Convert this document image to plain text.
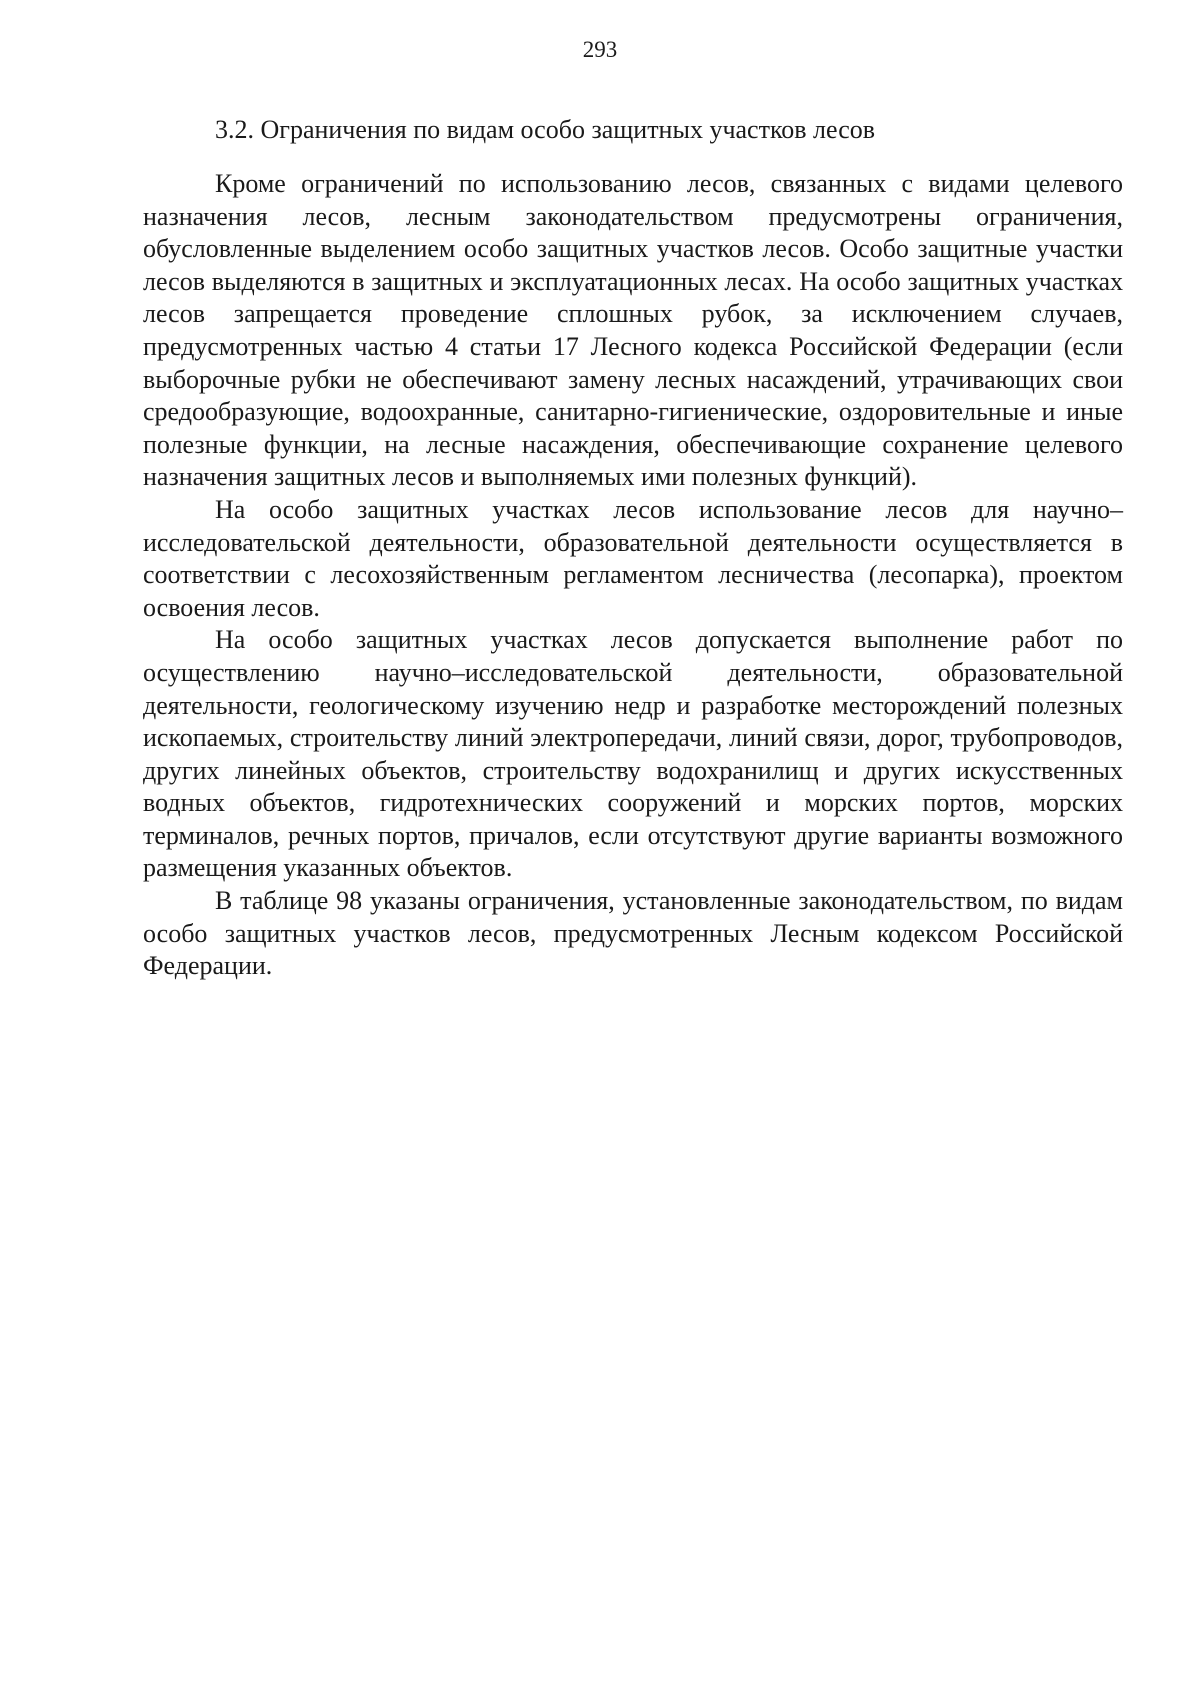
293
3.2. Ограничения по видам особо защитных участков лесов

Кроме ограничений по использованию лесов, связанных с видами целевого назначения лесов, лесным законодательством предусмотрены ограничения, обусловленные выделением особо защитных участков лесов. Особо защитные участки лесов выделяются в защитных и эксплуатационных лесах. На особо защитных участках лесов запрещается проведение сплошных рубок, за исключением случаев, предусмотренных частью 4 статьи 17 Лесного кодекса Российской Федерации (если выборочные рубки не обеспечивают замену лесных насаждений, утрачивающих свои средообразующие, водоохранные, санитарно-гигиенические, оздоровительные и иные полезные функции, на лесные насаждения, обеспечивающие сохранение целевого назначения защитных лесов и выполняемых ими полезных функций).

На особо защитных участках лесов использование лесов для научно–исследовательской деятельности, образовательной деятельности осуществляется в соответствии с лесохозяйственным регламентом лесничества (лесопарка), проектом освоения лесов.

На особо защитных участках лесов допускается выполнение работ по осуществлению научно–исследовательской деятельности, образовательной деятельности, геологическому изучению недр и разработке месторождений полезных ископаемых, строительству линий электропередачи, линий связи, дорог, трубопроводов, других линейных объектов, строительству водохранилищ и других искусственных водных объектов, гидротехнических сооружений и морских портов, морских терминалов, речных портов, причалов, если отсутствуют другие варианты возможного размещения указанных объектов.

В таблице 98 указаны ограничения, установленные законодательством, по видам особо защитных участков лесов, предусмотренных Лесным кодексом Российской Федерации.
